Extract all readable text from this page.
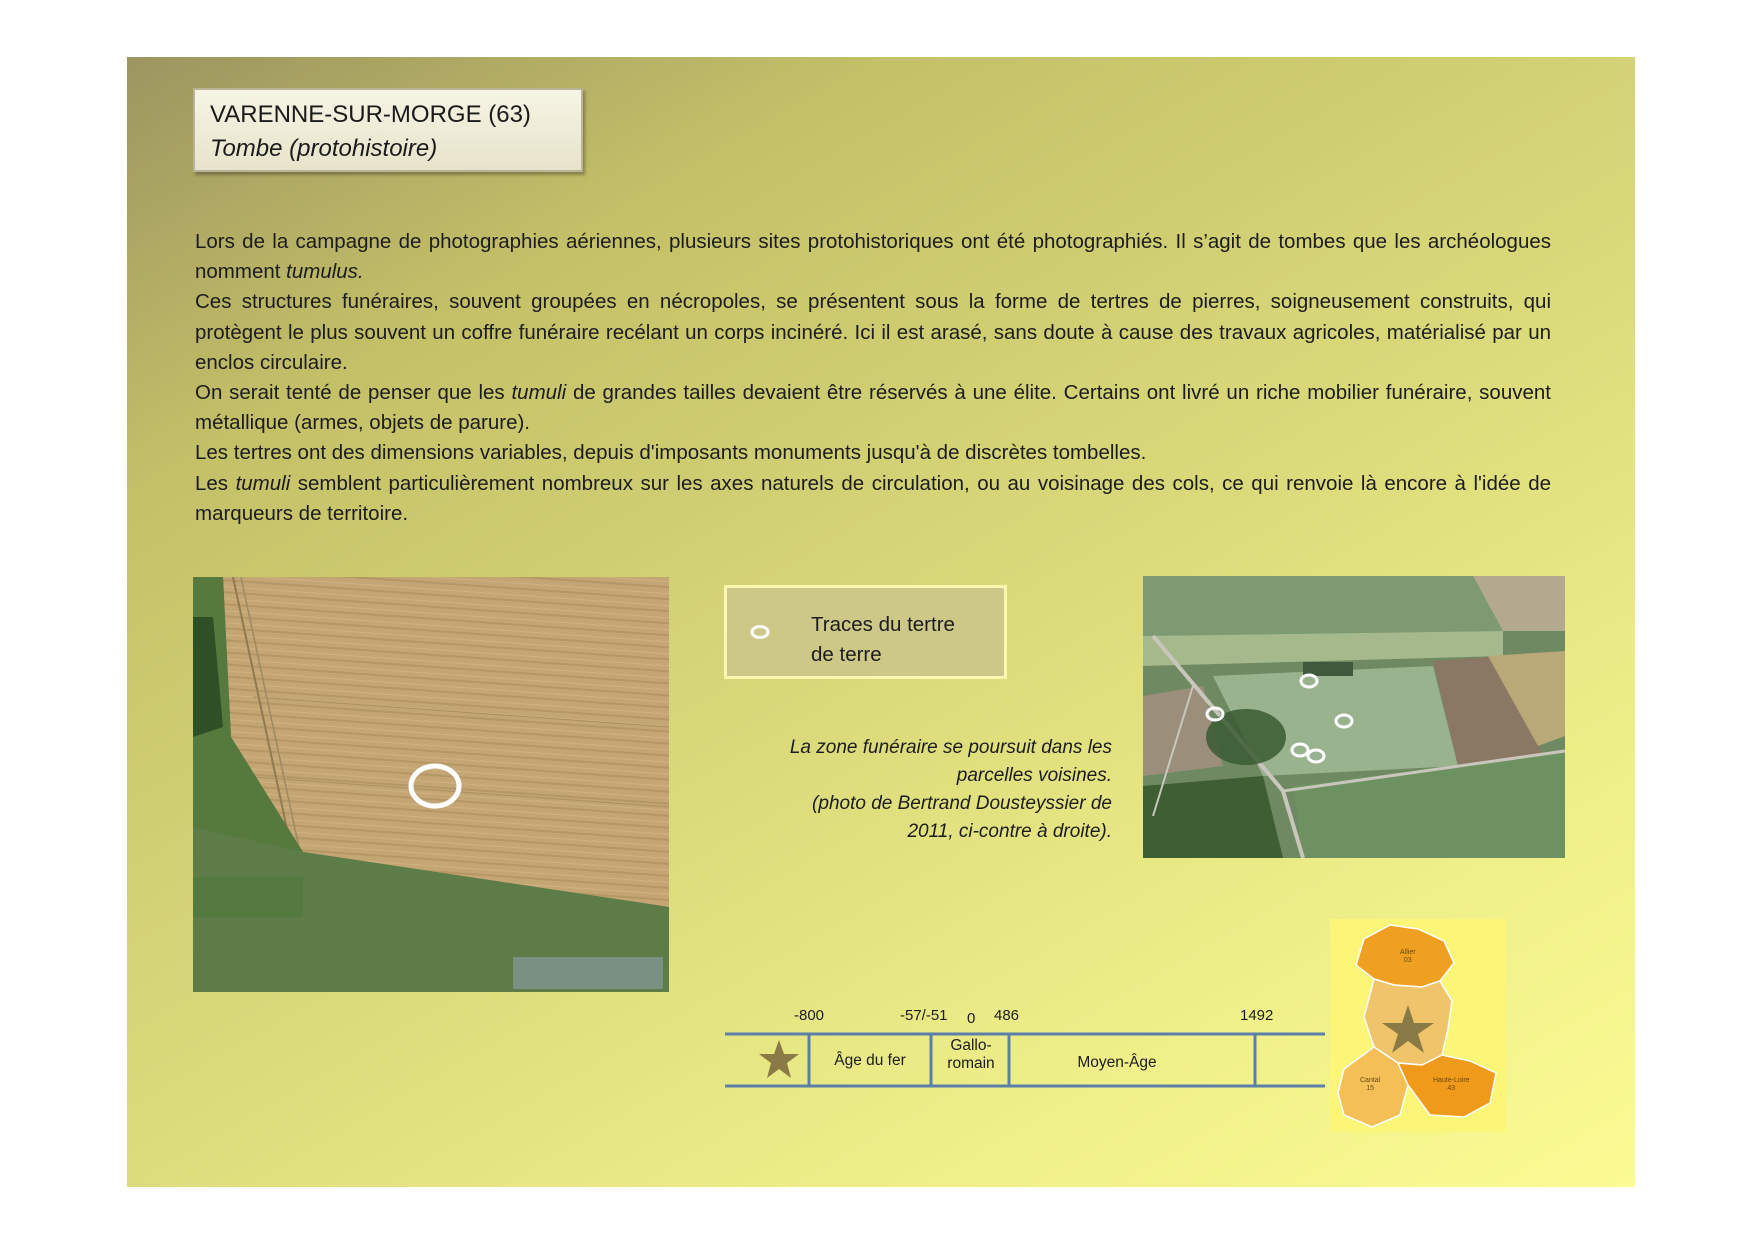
VARENNE-SUR-MORGE (63)
Tombe (protohistoire)

Lors de la campagne de photographies aériennes, plusieurs sites protohistoriques ont été photographiés. Il s’agit de tombes que les archéologues nomment tumulus.

Ces structures funéraires, souvent groupées en nécropoles, se présentent sous la forme de tertres de pierres, soigneusement construits, qui protègent le plus souvent un coffre funéraire recélant un corps incinéré. Ici il est arasé, sans doute à cause des travaux agricoles, matérialisé par un enclos circulaire.

On serait tenté de penser que les tumuli de grandes tailles devaient être réservés à une élite. Certains ont livré un riche mobilier funéraire, souvent métallique (armes, objets de parure).

Les tertres ont des dimensions variables, depuis d'imposants monuments jusqu'à de discrètes tombelles.

Les tumuli semblent particulièrement nombreux sur les axes naturels de circulation, ou au voisinage des cols, ce qui renvoie là encore à l'idée de marqueurs de territoire.

Traces du tertre
de terre

La zone funéraire se poursuit dans les

parcelles voisines.

(photo de Bertrand Dousteyssier de

2011, ci-contre à droite).

-800	-57/-51 0 486	1492
Âge du fer
Gallo-
romain	Moyen-Âge
Allier
03
Cantal
15
Haute-Loire
43
